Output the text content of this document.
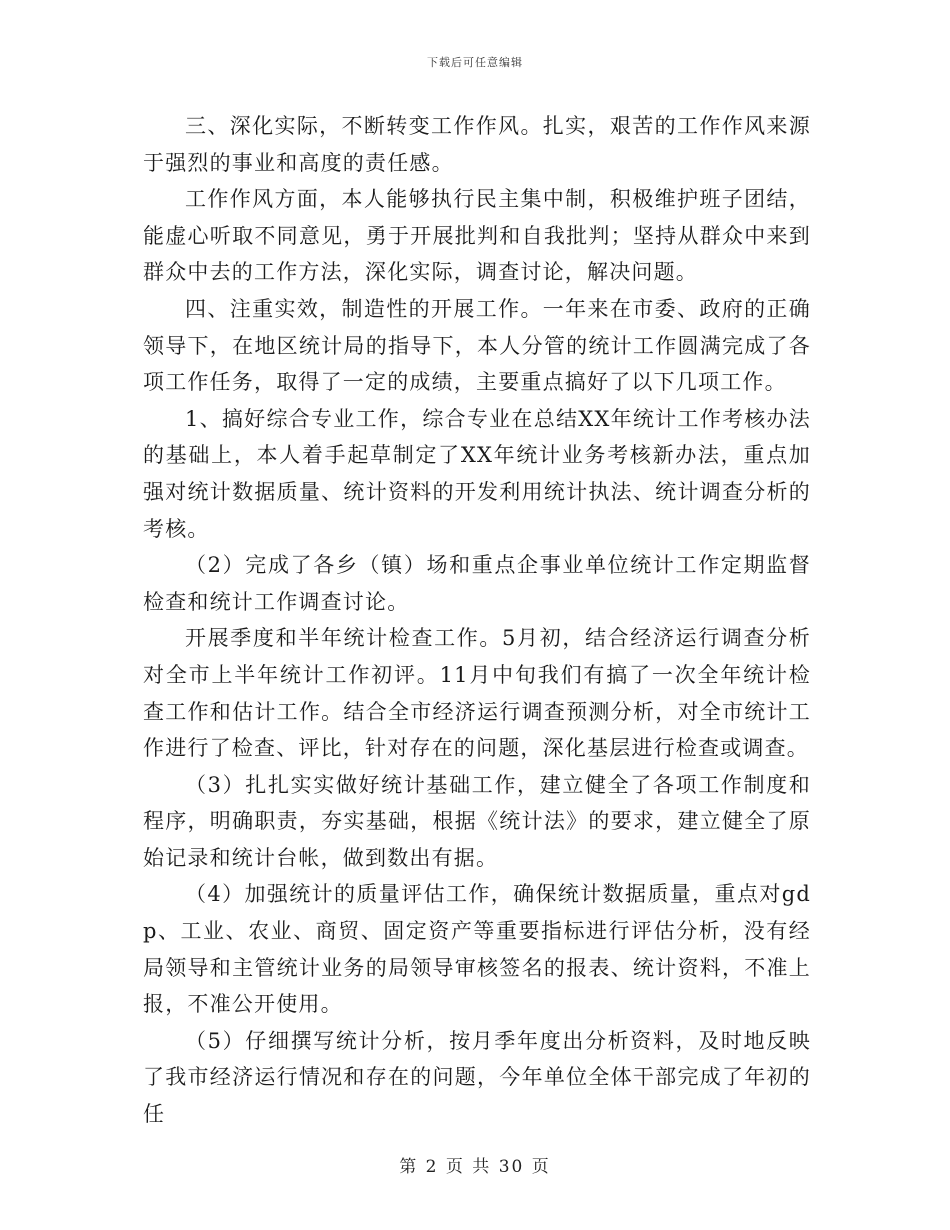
下载后可任意编辑

三、深化实际，不断转变工作作风。扎实，艰苦的工作作风来源于强烈的事业和高度的责任感。

工作作风方面，本人能够执行民主集中制，积极维护班子团结，能虚心听取不同意见，勇于开展批判和自我批判；坚持从群众中来到群众中去的工作方法，深化实际，调查讨论，解决问题。

四、注重实效，制造性的开展工作。一年来在市委、政府的正确领导下，在地区统计局的指导下，本人分管的统计工作圆满完成了各项工作任务，取得了一定的成绩，主要重点搞好了以下几项工作。

1、搞好综合专业工作，综合专业在总结XX年统计工作考核办法的基础上，本人着手起草制定了XX年统计业务考核新办法，重点加强对统计数据质量、统计资料的开发利用统计执法、统计调查分析的考核。

（2）完成了各乡（镇）场和重点企事业单位统计工作定期监督检查和统计工作调查讨论。

开展季度和半年统计检查工作。5月初，结合经济运行调查分析对全市上半年统计工作初评。11月中旬我们有搞了一次全年统计检查工作和估计工作。结合全市经济运行调查预测分析，对全市统计工作进行了检查、评比，针对存在的问题，深化基层进行检查或调查。

（3）扎扎实实做好统计基础工作，建立健全了各项工作制度和程序，明确职责，夯实基础，根据《统计法》的要求，建立健全了原始记录和统计台帐，做到数出有据。

（4）加强统计的质量评估工作，确保统计数据质量，重点对gdp、工业、农业、商贸、固定资产等重要指标进行评估分析，没有经局领导和主管统计业务的局领导审核签名的报表、统计资料，不准上报，不准公开使用。

（5）仔细撰写统计分析，按月季年度出分析资料，及时地反映了我市经济运行情况和存在的问题，今年单位全体干部完成了年初的任

第 2 页 共 30 页
